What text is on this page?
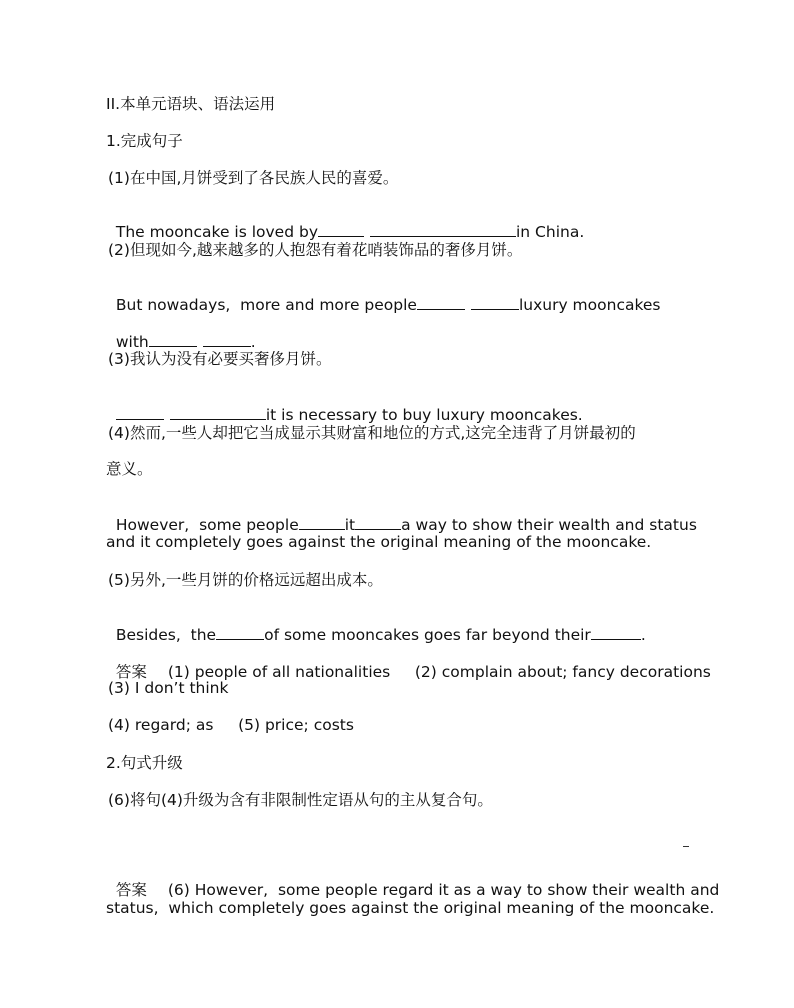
II.本单元语块、语法运用
1.完成句子
(1)在中国,月饼受到了各民族人民的喜爱。

The mooncake is loved by	in China.

(2)但现如今,越来越多的人抱怨有着花哨装饰品的奢侈月饼。

But nowadays,  more and more people	luxury mooncakes

with	.

(3)我认为没有必要买奢侈月饼。

it is necessary to buy luxury mooncakes.

(4)然而,一些人却把它当成显示其财富和地位的方式,这完全违背了月饼最初的
意义。

However,  some people	it	a way to show their wealth and status

and it completely goes against the original meaning of the mooncake.
(5)另外,一些月饼的价格远远超出成本。

Besides,  the	of some mooncakes goes far beyond their	.

答案 (1) people of all nationalities     (2) complain about; fancy decorations

(3) I don’t think
(4) regard; as     (5) price; costs
2.句式升级
(6)将句(4)升级为含有非限制性定语从句的主从复合句。

答案 (6) However,  some people regard it as a way to show their wealth and

status,  which completely goes against the original meaning of the mooncake.
